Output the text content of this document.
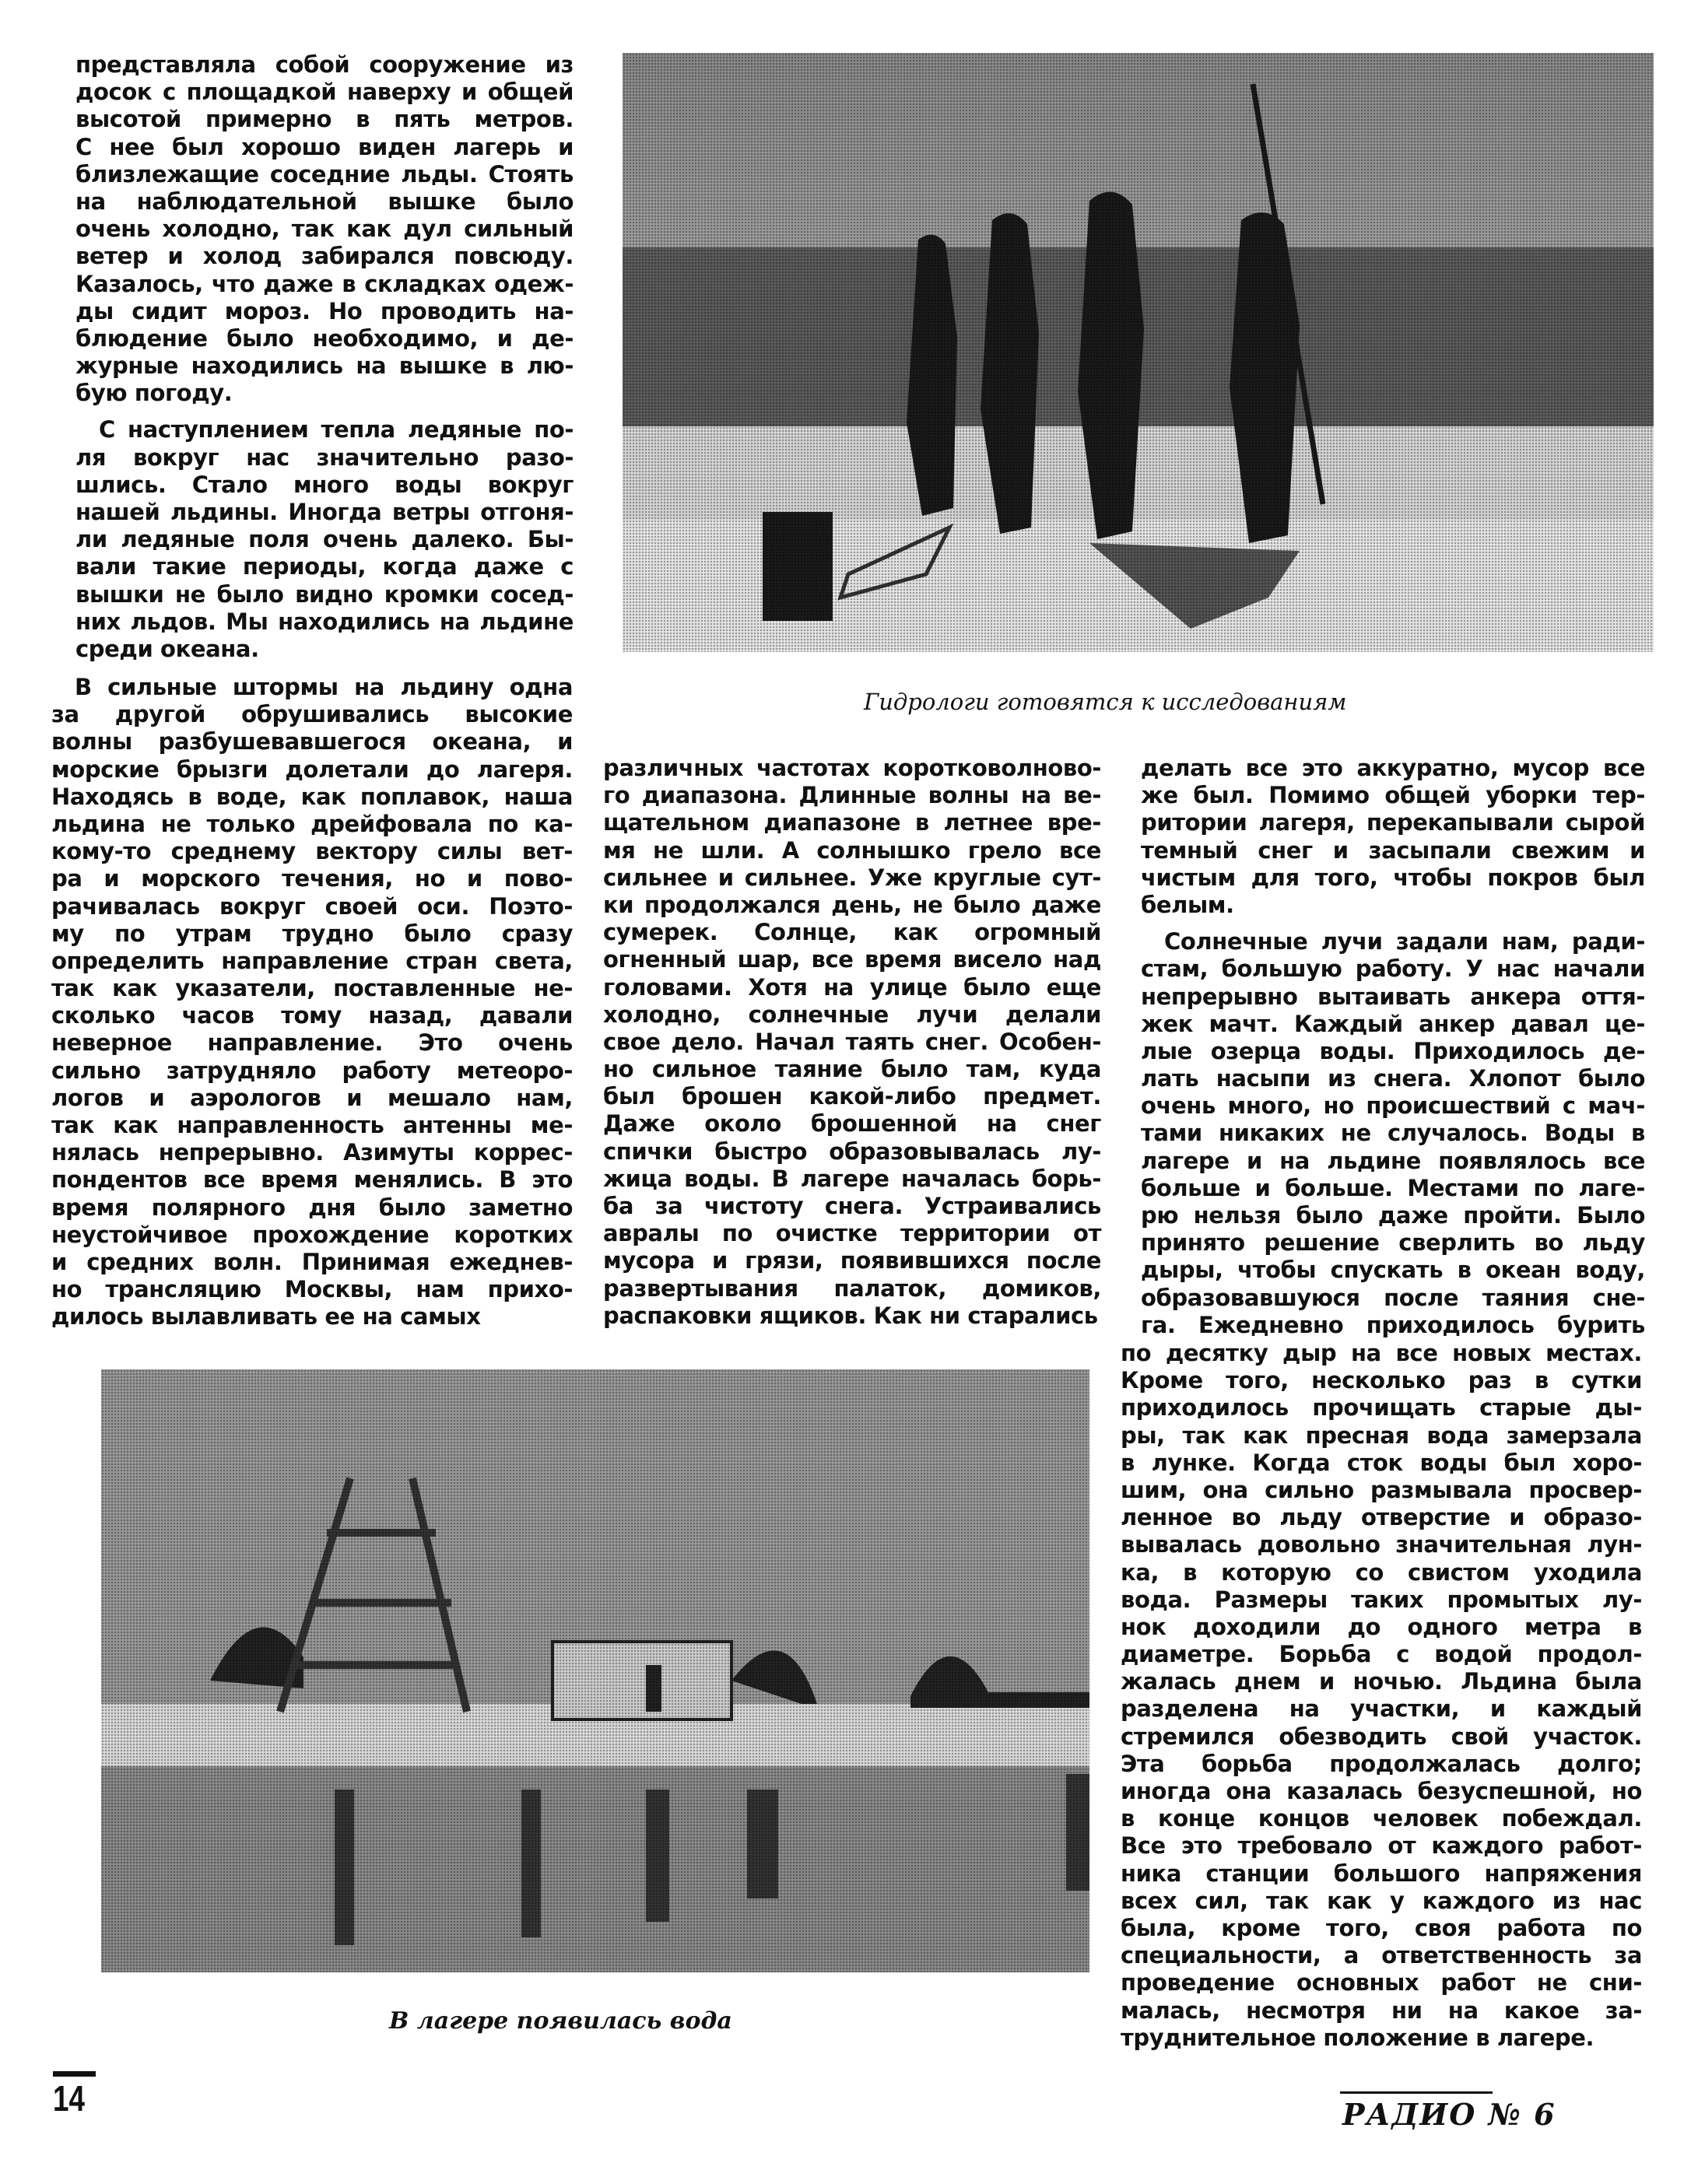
представляла собой сооружение из
досок с площадкой наверху и общей
высотой примерно в пять метров.
С нее был хорошо виден лагерь и
близлежащие соседние льды. Стоять
на наблюдательной вышке было
очень холодно, так как дул сильный
ветер и холод забирался повсюду.
Казалось, что даже в складках одеж-
ды сидит мороз. Но проводить на-
блюдение было необходимо, и де-
журные находились на вышке в лю-
бую погоду.
С наступлением тепла ледяные по-
ля вокруг нас значительно разо-
шлись. Стало много воды вокруг
нашей льдины. Иногда ветры отгоня-
ли ледяные поля очень далеко. Бы-
вали такие периоды, когда даже с
вышки не было видно кромки сосед-
них льдов. Мы находились на льдине
среди океана.
В сильные штормы на льдину одна
за другой обрушивались высокие
волны разбушевавшегося океана, и
морские брызги долетали до лагеря.
Находясь в воде, как поплавок, наша
льдина не только дрейфовала по ка-
кому-то среднему вектору силы вет-
ра и морского течения, но и пово-
рачивалась вокруг своей оси. Поэто-
му по утрам трудно было сразу
определить направление стран света,
так как указатели, поставленные не-
сколько часов тому назад, давали
неверное направление. Это очень
сильно затрудняло работу метеоро-
логов и аэрологов и мешало нам,
так как направленность антенны ме-
нялась непрерывно. Азимуты коррес-
пондентов все время менялись. В это
время полярного дня было заметно
неустойчивое прохождение коротких
и средних волн. Принимая ежеднев-
но трансляцию Москвы, нам прихо-
дилось вылавливать ее на самых
Гидрологи готовятся к исследованиям
различных частотах коротковолново-
го диапазона. Длинные волны на ве-
щательном диапазоне в летнее вре-
мя не шли. А солнышко грело все
сильнее и сильнее. Уже круглые сут-
ки продолжался день, не было даже
сумерек. Солнце, как огромный
огненный шар, все время висело над
головами. Хотя на улице было еще
холодно, солнечные лучи делали
свое дело. Начал таять снег. Особен-
но сильное таяние было там, куда
был брошен какой-либо предмет.
Даже около брошенной на снег
спички быстро образовывалась лу-
жица воды. В лагере началась борь-
ба за чистоту снега. Устраивались
авралы по очистке территории от
мусора и грязи, появившихся после
развертывания палаток, домиков,
распаковки ящиков. Как ни старались
делать все это аккуратно, мусор все
же был. Помимо общей уборки тер-
ритории лагеря, перекапывали сырой
темный снег и засыпали свежим и
чистым для того, чтобы покров был
белым.
Солнечные лучи задали нам, ради-
стам, большую работу. У нас начали
непрерывно вытаивать анкера оття-
жек мачт. Каждый анкер давал це-
лые озерца воды. Приходилось де-
лать насыпи из снега. Хлопот было
очень много, но происшествий с мач-
тами никаких не случалось. Воды в
лагере и на льдине появлялось все
больше и больше. Местами по лаге-
рю нельзя было даже пройти. Было
принято решение сверлить во льду
дыры, чтобы спускать в океан воду,
образовавшуюся после таяния сне-
га. Ежедневно приходилось бурить
по десятку дыр на все новых местах.
Кроме того, несколько раз в сутки
приходилось прочищать старые ды-
ры, так как пресная вода замерзала
в лунке. Когда сток воды был хоро-
шим, она сильно размывала просвер-
ленное во льду отверстие и образо-
вывалась довольно значительная лун-
ка, в которую со свистом уходила
вода. Размеры таких промытых лу-
нок доходили до одного метра в
диаметре. Борьба с водой продол-
жалась днем и ночью. Льдина была
разделена на участки, и каждый
стремился обезводить свой участок.
Эта борьба продолжалась долго;
иногда она казалась безуспешной, но
в конце концов человек побеждал.
Все это требовало от каждого работ-
ника станции большого напряжения
всех сил, так как у каждого из нас
была, кроме того, своя работа по
специальности, а ответственность за
проведение основных работ не сни-
малась, несмотря ни на какое за-
труднительное положение в лагере.
В лагере появилась вода
14	РАДИО № 6
